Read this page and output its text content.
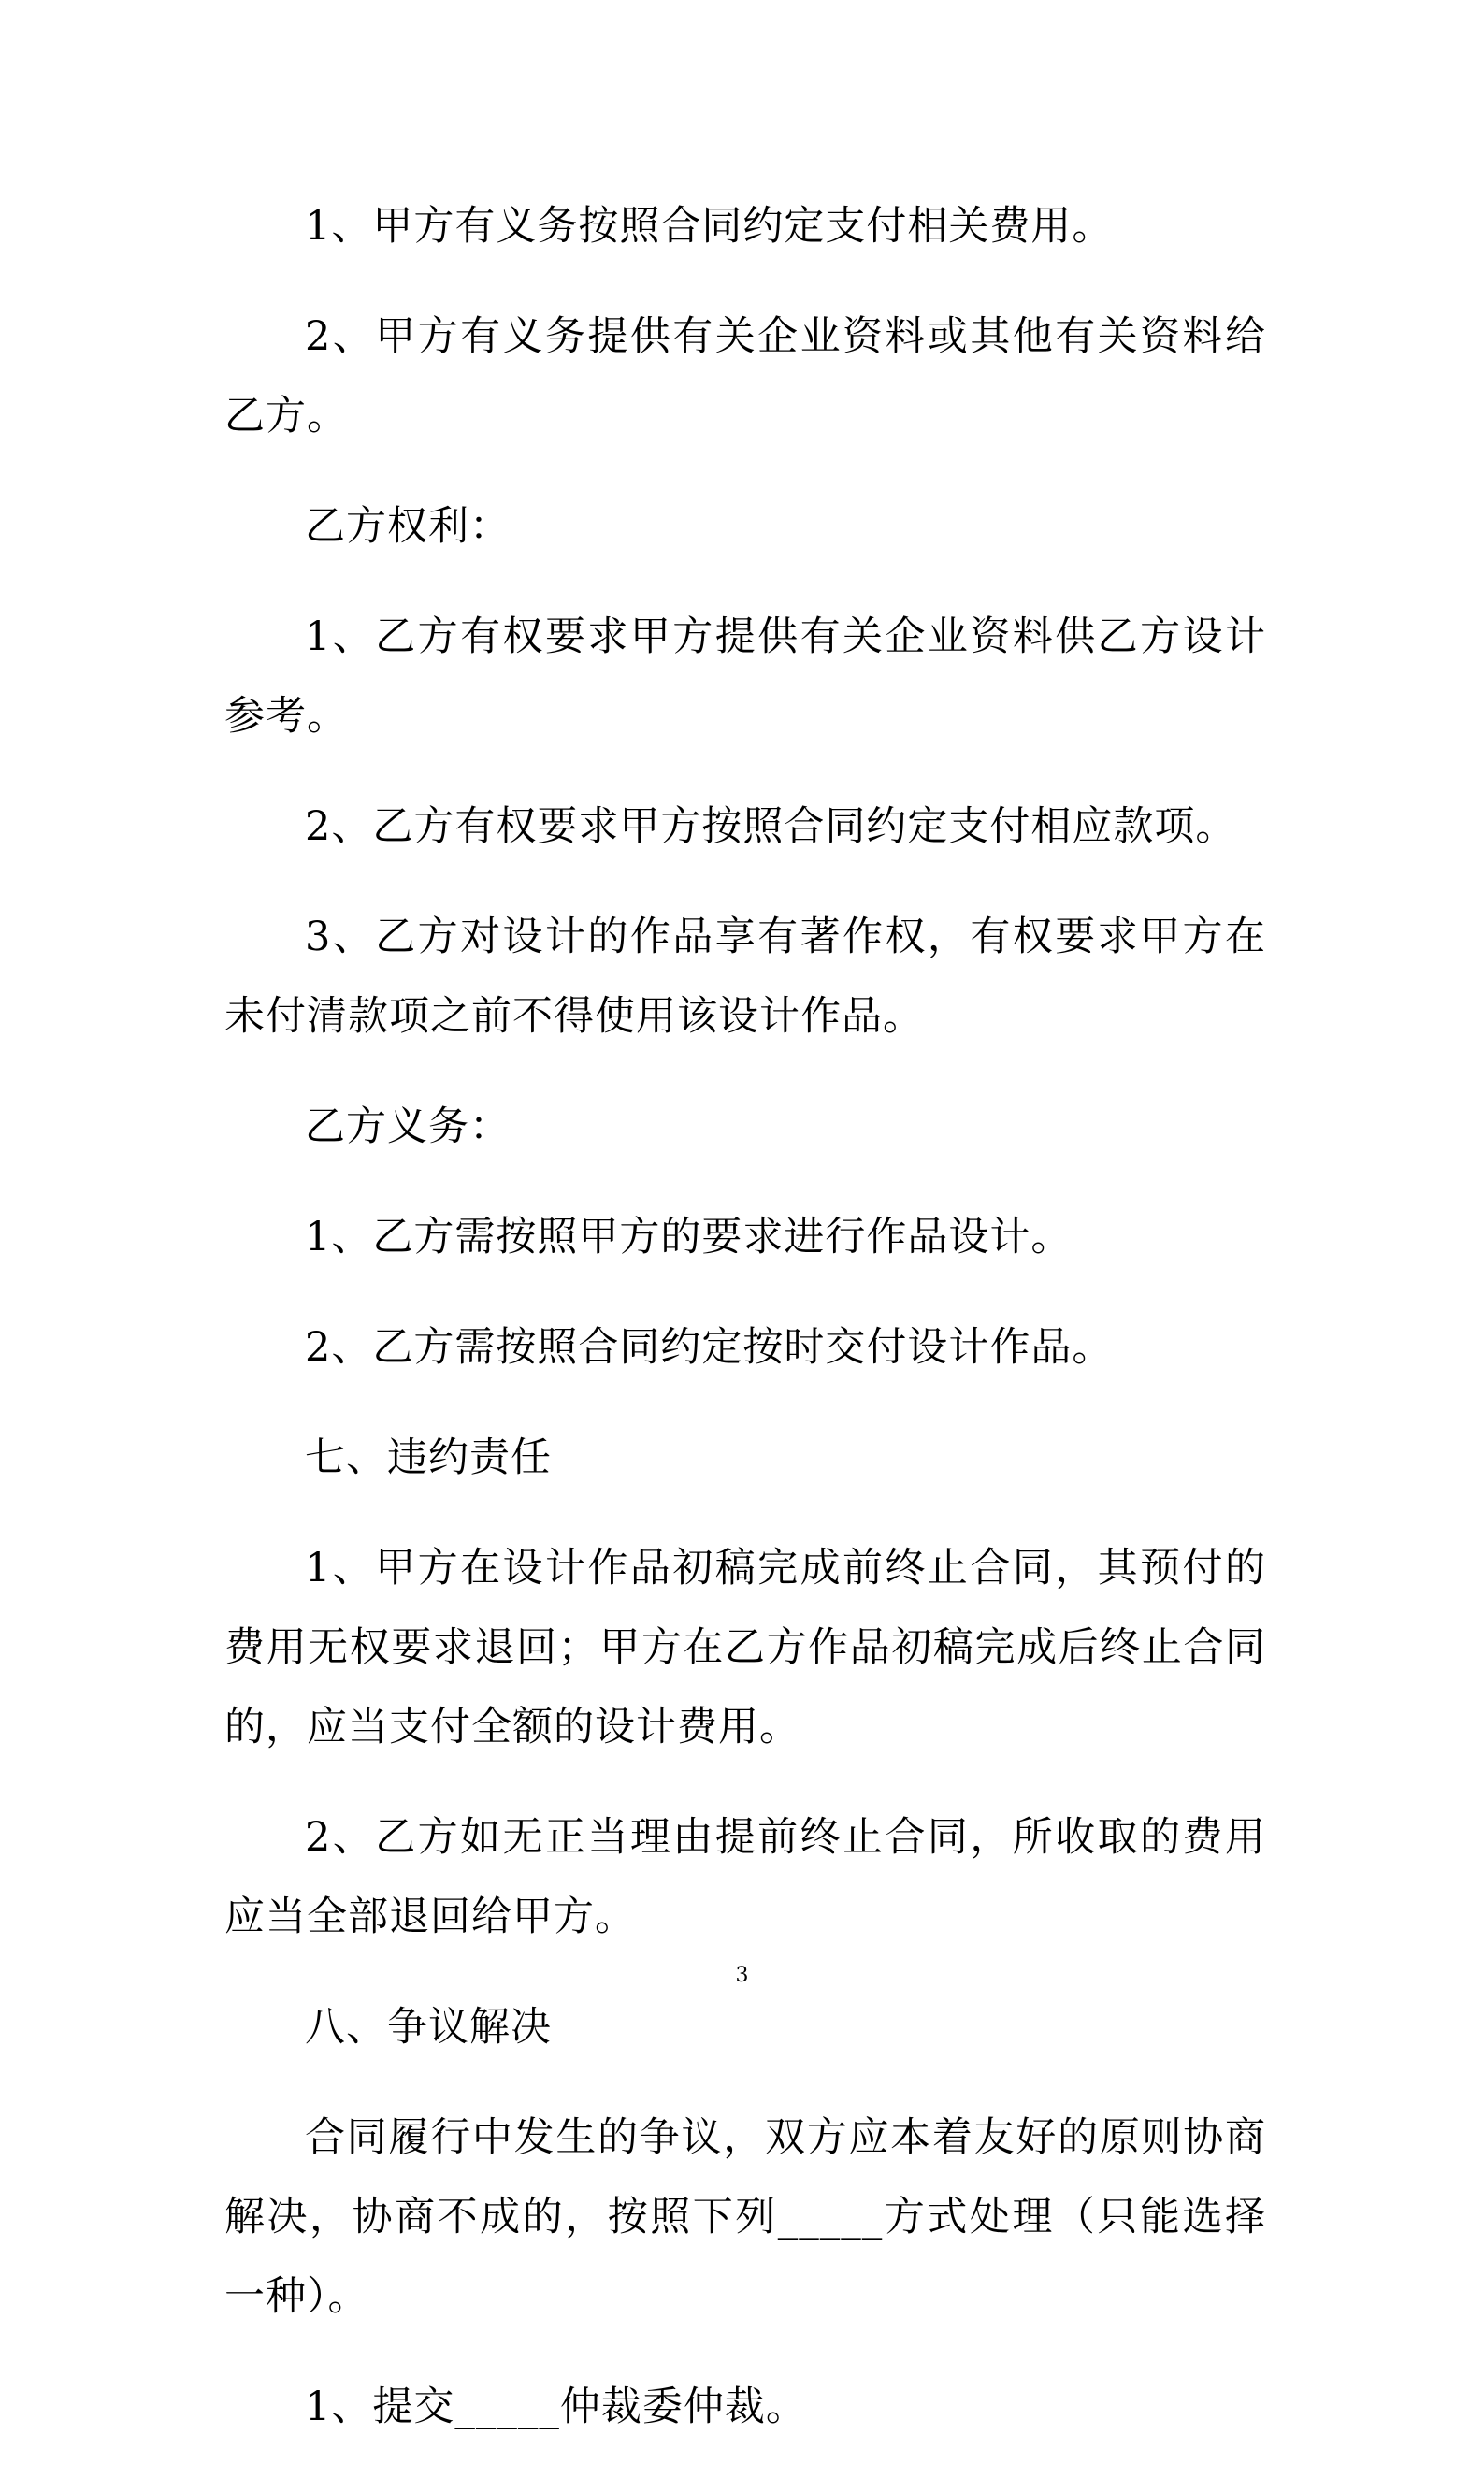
1、甲方有义务按照合同约定支付相关费用。

2、甲方有义务提供有关企业资料或其他有关资料给乙方。

乙方权利：

1、乙方有权要求甲方提供有关企业资料供乙方设计参考。

2、乙方有权要求甲方按照合同约定支付相应款项。

3、乙方对设计的作品享有著作权，有权要求甲方在未付清款项之前不得使用该设计作品。

乙方义务：

1、乙方需按照甲方的要求进行作品设计。

2、乙方需按照合同约定按时交付设计作品。

七、违约责任

1、甲方在设计作品初稿完成前终止合同，其预付的费用无权要求退回；甲方在乙方作品初稿完成后终止合同的，应当支付全额的设计费用。

2、乙方如无正当理由提前终止合同，所收取的费用应当全部退回给甲方。

八、争议解决

合同履行中发生的争议，双方应本着友好的原则协商解决，协商不成的，按照下列_____方式处理（只能选择一种）。

1、提交_____仲裁委仲裁。

3
